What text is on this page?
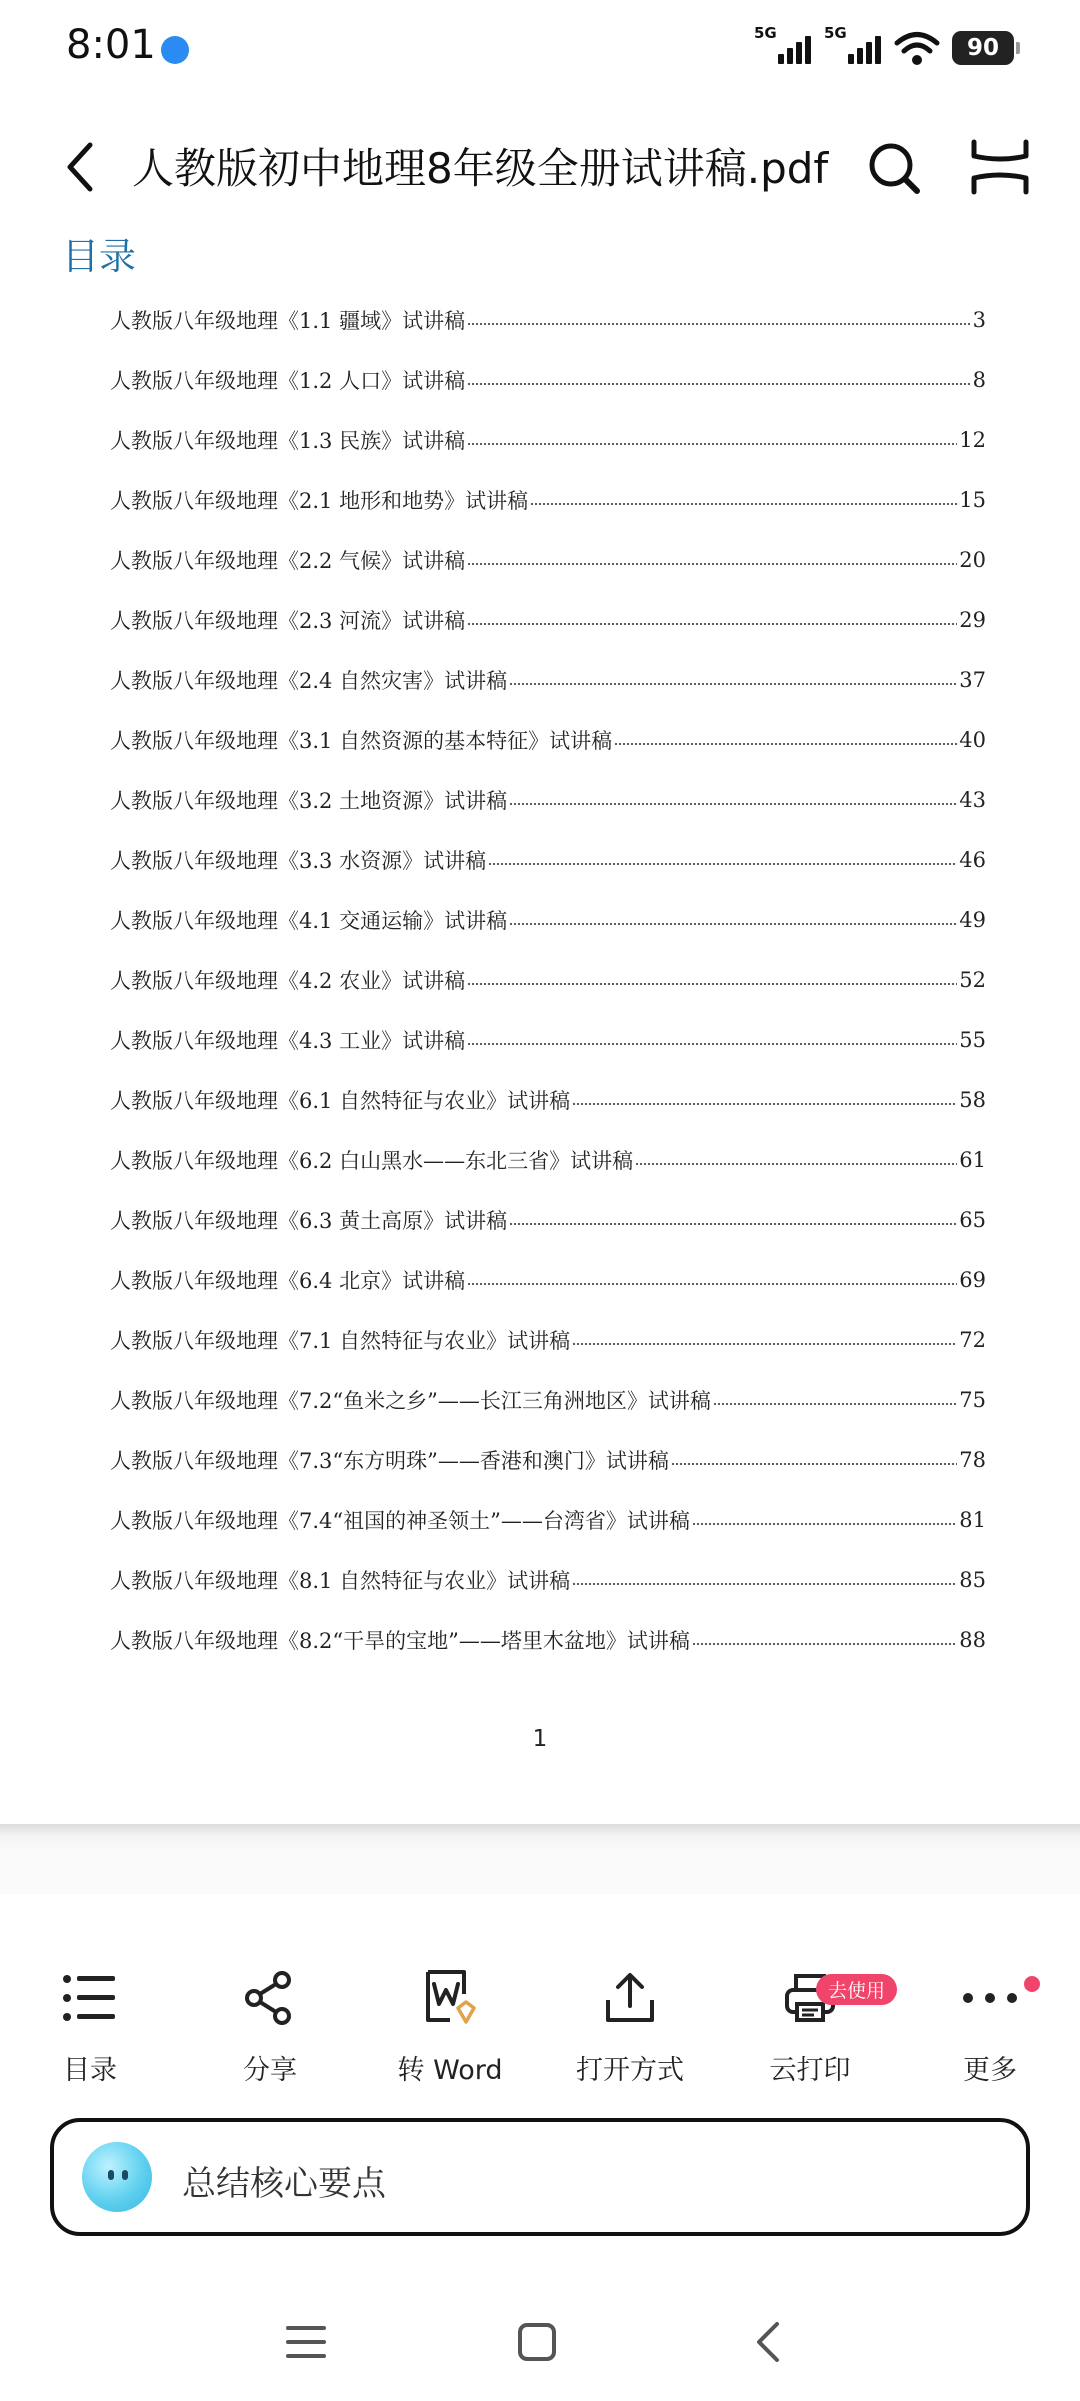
8:01	5G	5G
90
人教版初中地理8年级全册试讲稿.pdf
目录
人教版八年级地理《1.1 疆域》试讲稿	3
人教版八年级地理《1.2 人口》试讲稿	8
人教版八年级地理《1.3 民族》试讲稿	12
人教版八年级地理《2.1 地形和地势》试讲稿	15
人教版八年级地理《2.2 气候》试讲稿	20
人教版八年级地理《2.3 河流》试讲稿	29
人教版八年级地理《2.4 自然灾害》试讲稿	37
人教版八年级地理《3.1 自然资源的基本特征》试讲稿	40
人教版八年级地理《3.2 土地资源》试讲稿	43
人教版八年级地理《3.3 水资源》试讲稿	46
人教版八年级地理《4.1 交通运输》试讲稿	49
人教版八年级地理《4.2 农业》试讲稿	52
人教版八年级地理《4.3 工业》试讲稿	55
人教版八年级地理《6.1 自然特征与农业》试讲稿	58
人教版八年级地理《6.2 白山黑水——东北三省》试讲稿	61
人教版八年级地理《6.3 黄土高原》试讲稿	65
人教版八年级地理《6.4 北京》试讲稿	69
人教版八年级地理《7.1 自然特征与农业》试讲稿	72
人教版八年级地理《7.2“鱼米之乡”——长江三角洲地区》试讲稿	75
人教版八年级地理《7.3“东方明珠”——香港和澳门》试讲稿	78
人教版八年级地理《7.4“祖国的神圣领土”——台湾省》试讲稿	81
人教版八年级地理《8.1 自然特征与农业》试讲稿	85
人教版八年级地理《8.2“干旱的宝地”——塔里木盆地》试讲稿	88
1
目录	分享	转 Word	打开方式
去使用
云打印	更多
总结核心要点
